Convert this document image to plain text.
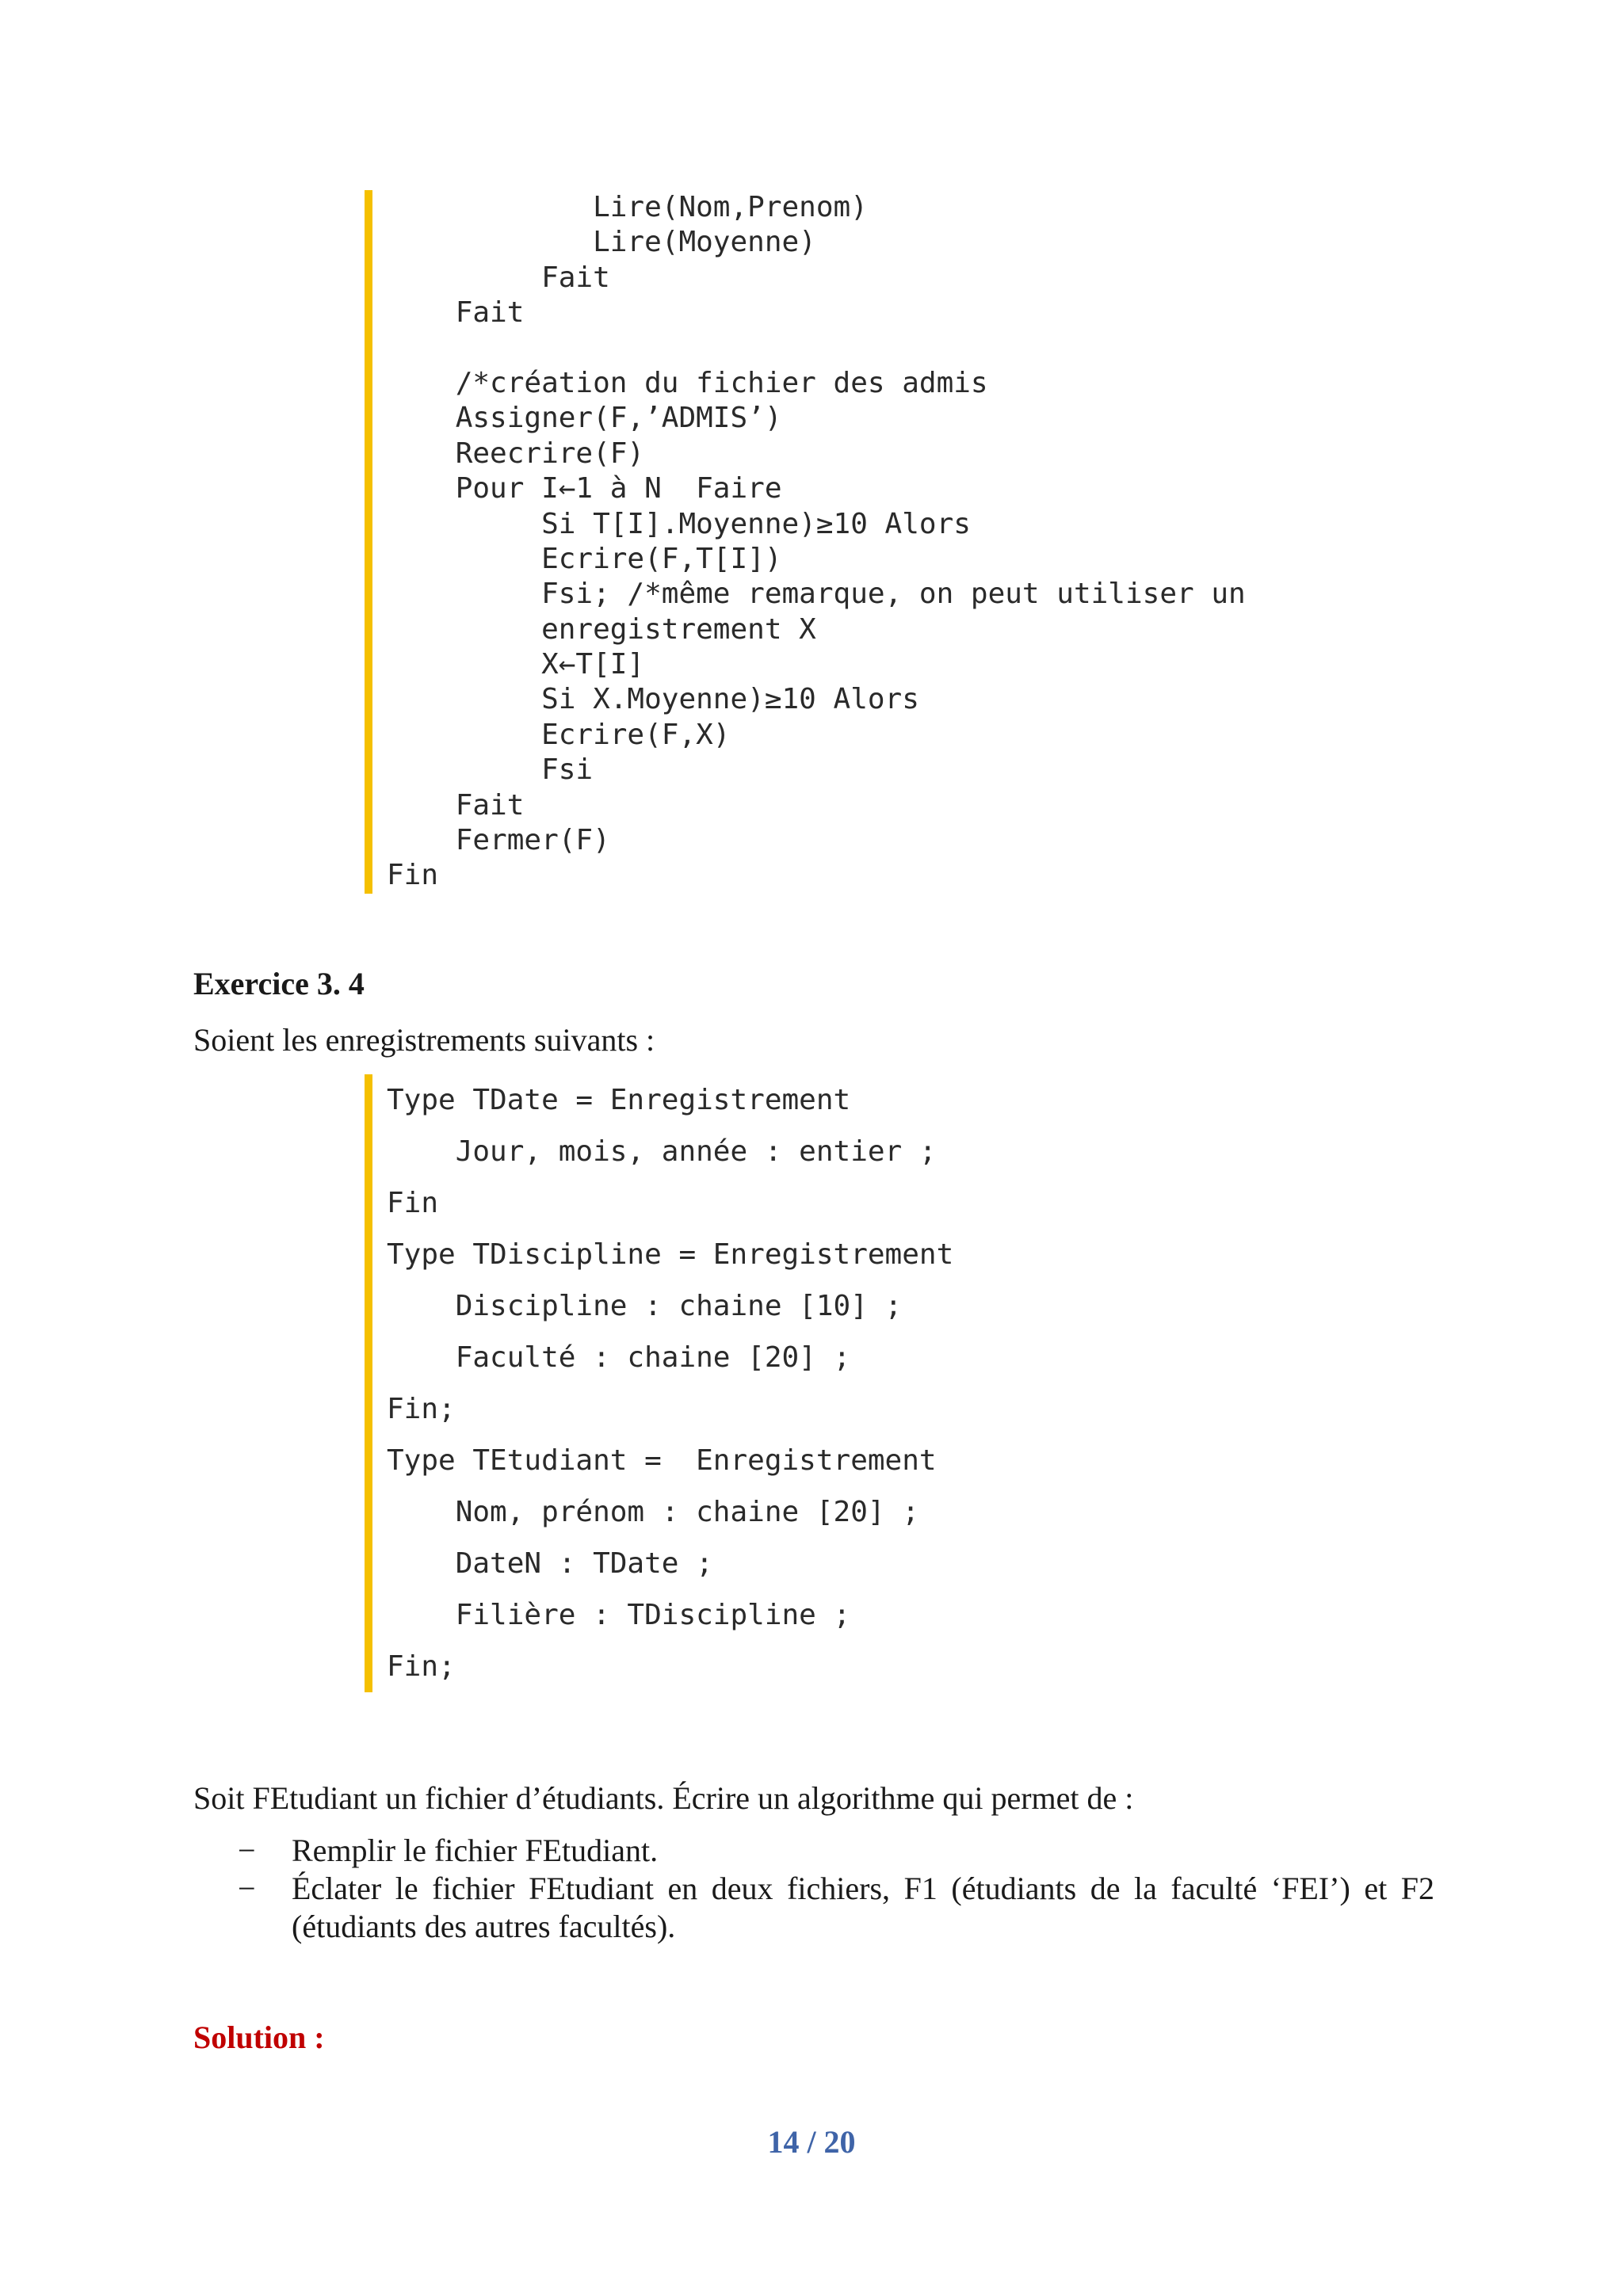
Lire(Nom,Prenom)
Lire(Moyenne)
Fait
Fait
/*création du fichier des admis
Assigner(F,’ADMIS’)
Reecrire(F)
Pour I←1 à N  Faire
Si T[I].Moyenne)≥10 Alors
Ecrire(F,T[I])
Fsi; /*même remarque, on peut utiliser un
enregistrement X
X←T[I]
Si X.Moyenne)≥10 Alors
Ecrire(F,X)
Fsi
Fait
Fermer(F)
Fin
Exercice 3. 4
Soient les enregistrements suivants :
Type TDate = Enregistrement
Jour, mois, année : entier ;
Fin
Type TDiscipline = Enregistrement
Discipline : chaine [10] ;
Faculté : chaine [20] ;
Fin;
Type TEtudiant =  Enregistrement
Nom, prénom : chaine [20] ;
DateN : TDate ;
Filière : TDiscipline ;
Fin;
Soit FEtudiant un fichier d’étudiants. Écrire un algorithme qui permet de :
− Remplir le fichier FEtudiant.
− Éclater le fichier FEtudiant en deux fichiers, F1 (étudiants de la faculté ‘FEI’) et F2 (étudiants des autres facultés).
Solution :
14 / 20
